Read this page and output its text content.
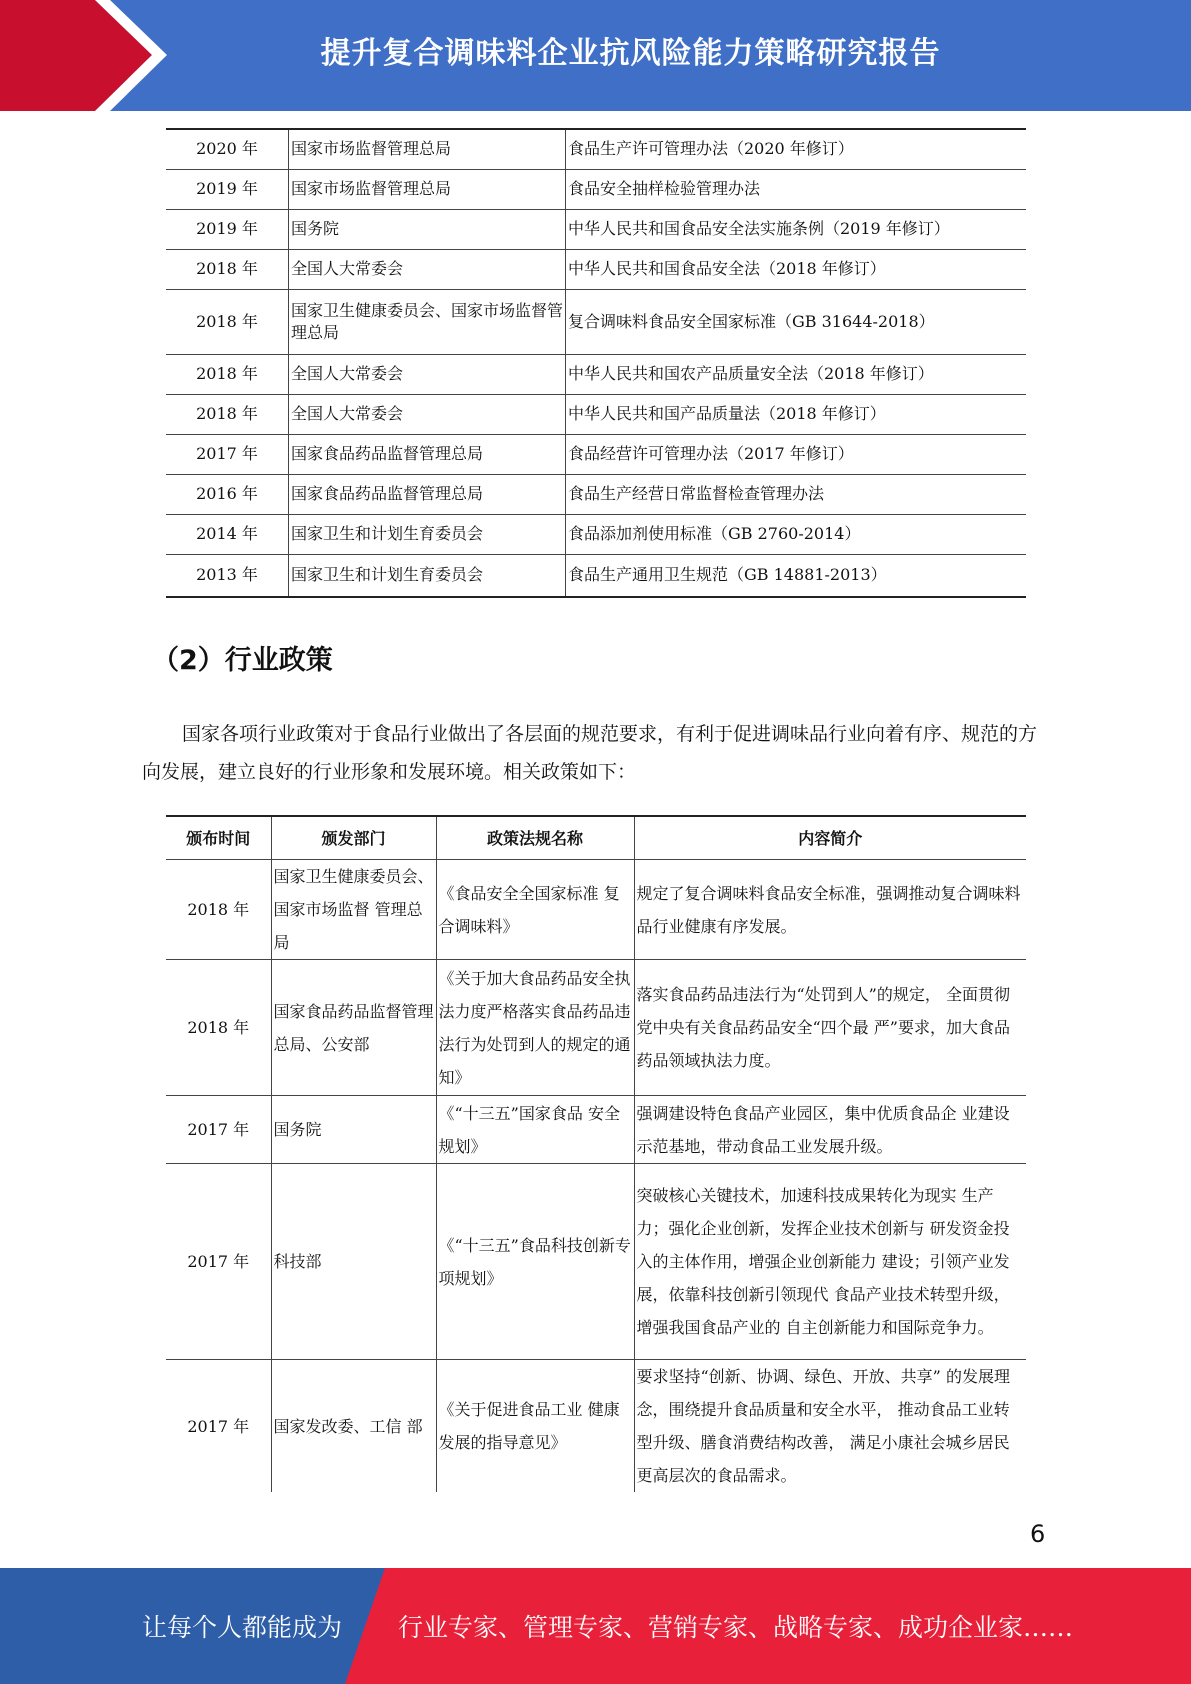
提升复合调味料企业抗风险能力策略研究报告
2020 年	国家市场监督管理总局	食品生产许可管理办法（2020 年修订）
2019 年	国家市场监督管理总局	食品安全抽样检验管理办法
2019 年	国务院	中华人民共和国食品安全法实施条例（2019 年修订）
2018 年	全国人大常委会	中华人民共和国食品安全法（2018 年修订）
2018 年	国家卫生健康委员会、国家市场监督管理总局	复合调味料食品安全国家标准（GB 31644-2018）
2018 年	全国人大常委会	中华人民共和国农产品质量安全法（2018 年修订）
2018 年	全国人大常委会	中华人民共和国产品质量法（2018 年修订）
2017 年	国家食品药品监督管理总局	食品经营许可管理办法（2017 年修订）
2016 年	国家食品药品监督管理总局	食品生产经营日常监督检查管理办法
2014 年	国家卫生和计划生育委员会	食品添加剂使用标准（GB 2760-2014）
2013 年	国家卫生和计划生育委员会	食品生产通用卫生规范（GB 14881-2013）
（2）行业政策

国家各项行业政策对于食品行业做出了各层面的规范要求，有利于促进调味品行业向着有序、规范的方向发展，建立良好的行业形象和发展环境。相关政策如下：

颁布时间	颁发部门	政策法规名称	内容简介
2018 年	国家卫生健康委员会、国家市场监督 管理总局	《食品安全全国家标准 复合调味料》	规定了复合调味料食品安全标准，强调推动复合调味料品行业健康有序发展。
2018 年	国家食品药品监督管理总局、公安部	《关于加大食品药品安全执法力度严格落实食品药品违法行为处罚到人的规定的通知》	落实食品药品违法行为“处罚到人”的规定， 全面贯彻党中央有关食品药品安全“四个最 严”要求，加大食品药品领域执法力度。
2017 年	国务院	《“十三五”国家食品 安全规划》	强调建设特色食品产业园区，集中优质食品企 业建设示范基地，带动食品工业发展升级。
2017 年	科技部	《“十三五”食品科技创新专项规划》	突破核心关键技术，加速科技成果转化为现实 生产力；强化企业创新，发挥企业技术创新与 研发资金投入的主体作用，增强企业创新能力 建设；引领产业发展，依靠科技创新引领现代 食品产业技术转型升级，增强我国食品产业的 自主创新能力和国际竞争力。
2017 年	国家发改委、工信 部	《关于促进食品工业 健康发展的指导意见》	要求坚持“创新、协调、绿色、开放、共享” 的发展理念，围绕提升食品质量和安全水平， 推动食品工业转型升级、膳食消费结构改善， 满足小康社会城乡居民更高层次的食品需求。
6
让每个人都能成为 行业专家、管理专家、营销专家、战略专家、成功企业家……
